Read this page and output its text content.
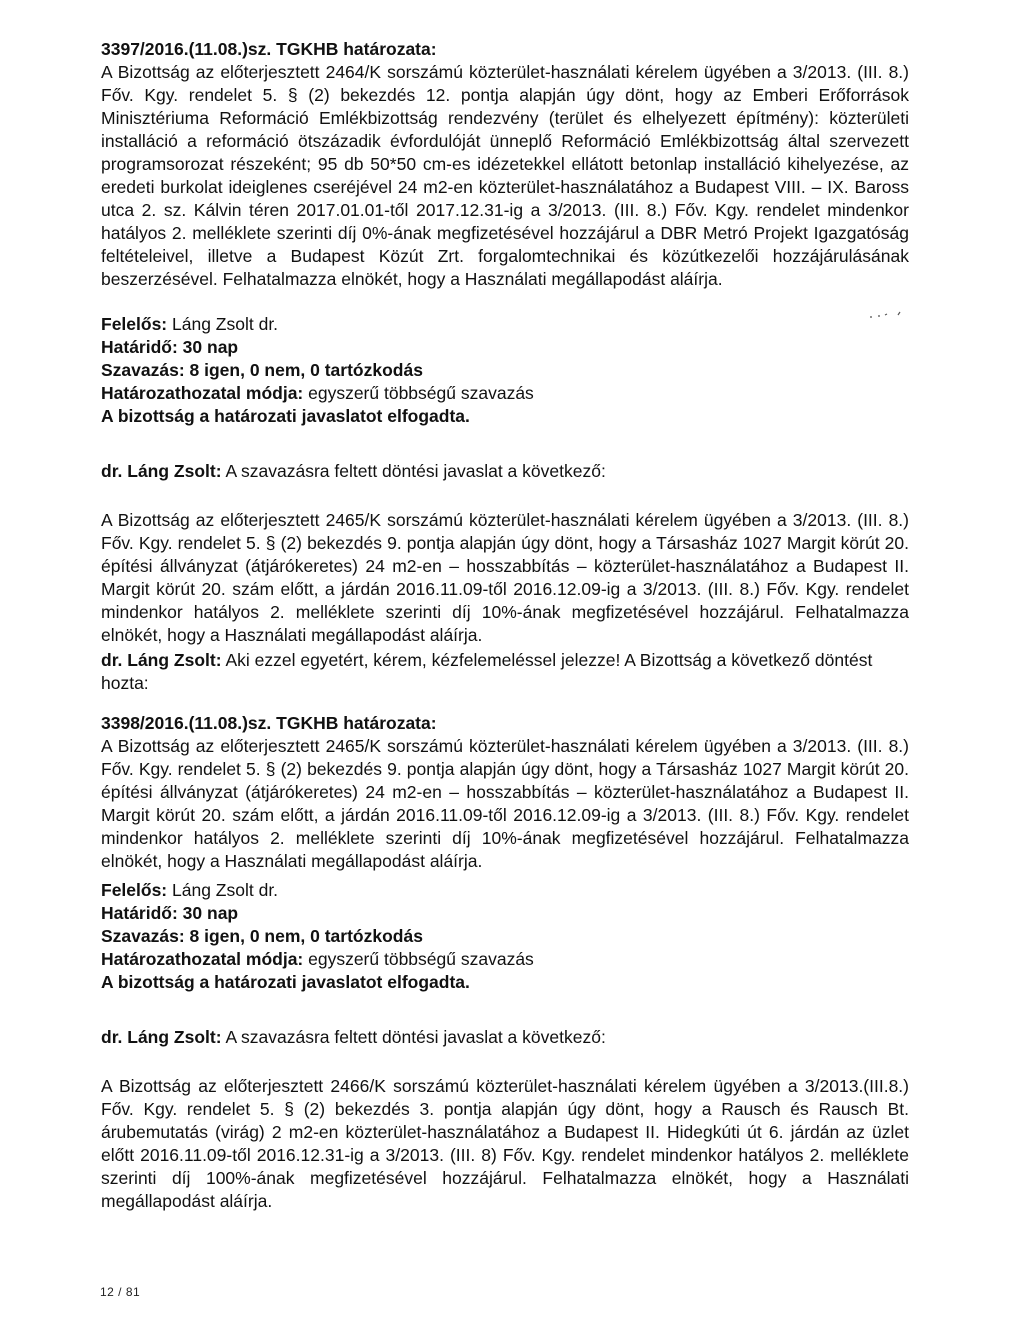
3397/2016.(11.08.)sz. TGKHB határozata:

A Bizottság az előterjesztett 2464/K sorszámú közterület-használati kérelem ügyében a 3/2013. (III. 8.) Főv. Kgy. rendelet 5. § (2) bekezdés 12. pontja alapján úgy dönt, hogy az Emberi Erőforrások Minisztériuma Reformáció Emlékbizottság rendezvény (terület és elhelyezett építmény): közterületi installáció a reformáció ötszázadik évfordulóját ünneplő Reformáció Emlékbizottság által szervezett programsorozat részeként; 95 db 50*50 cm-es idézetekkel ellátott betonlap installáció kihelyezése, az eredeti burkolat ideiglenes cseréjével 24 m2-en közterület-használatához a Budapest VIII. – IX. Baross utca 2. sz. Kálvin téren 2017.01.01-től 2017.12.31-ig a 3/2013. (III. 8.) Főv. Kgy. rendelet mindenkor hatályos 2. melléklete szerinti díj 0%-ának megfizetésével hozzájárul a DBR Metró Projekt Igazgatóság feltételeivel, illetve a Budapest Közút Zrt. forgalomtechnikai és közútkezelői hozzájárulásának beszerzésével. Felhatalmazza elnökét, hogy a Használati megállapodást aláírja.

Felelős: Láng Zsolt dr.

Határidő: 30 nap

Szavazás: 8 igen, 0 nem, 0 tartózkodás

Határozathozatal módja: egyszerű többségű szavazás

A bizottság a határozati javaslatot elfogadta.

dr. Láng Zsolt: A szavazásra feltett döntési javaslat a következő:

A Bizottság az előterjesztett 2465/K sorszámú közterület-használati kérelem ügyében a 3/2013. (III. 8.) Főv. Kgy. rendelet 5. § (2) bekezdés 9. pontja alapján úgy dönt, hogy a Társasház 1027 Margit körút 20. építési állványzat (átjárókeretes) 24 m2-en – hosszabbítás – közterület-használatához a Budapest II. Margit körút 20. szám előtt, a járdán 2016.11.09-től 2016.12.09-ig a 3/2013. (III. 8.) Főv. Kgy. rendelet mindenkor hatályos 2. melléklete szerinti díj 10%-ának megfizetésével hozzájárul. Felhatalmazza elnökét, hogy a Használati megállapodást aláírja.

dr. Láng Zsolt: Aki ezzel egyetért, kérem, kézfelemeléssel jelezze! A Bizottság a következő döntést hozta:

3398/2016.(11.08.)sz. TGKHB határozata:

A Bizottság az előterjesztett 2465/K sorszámú közterület-használati kérelem ügyében a 3/2013. (III. 8.) Főv. Kgy. rendelet 5. § (2) bekezdés 9. pontja alapján úgy dönt, hogy a Társasház 1027 Margit körút 20. építési állványzat (átjárókeretes) 24 m2-en – hosszabbítás – közterület-használatához a Budapest II. Margit körút 20. szám előtt, a járdán 2016.11.09-től 2016.12.09-ig a 3/2013. (III. 8.) Főv. Kgy. rendelet mindenkor hatályos 2. melléklete szerinti díj 10%-ának megfizetésével hozzájárul. Felhatalmazza elnökét, hogy a Használati megállapodást aláírja.

Felelős: Láng Zsolt dr.

Határidő: 30 nap

Szavazás: 8 igen, 0 nem, 0 tartózkodás

Határozathozatal módja: egyszerű többségű szavazás

A bizottság a határozati javaslatot elfogadta.

dr. Láng Zsolt: A szavazásra feltett döntési javaslat a következő:

A Bizottság az előterjesztett 2466/K sorszámú közterület-használati kérelem ügyében a 3/2013.(III.8.) Főv. Kgy. rendelet 5. § (2) bekezdés 3. pontja alapján úgy dönt, hogy a Rausch és Rausch Bt. árubemutatás (virág) 2 m2-en közterület-használatához a Budapest II. Hidegkúti út 6. járdán az üzlet előtt 2016.11.09-től 2016.12.31-ig a 3/2013. (III. 8) Főv. Kgy. rendelet mindenkor hatályos 2. melléklete szerinti díj 100%-ának megfizetésével hozzájárul. Felhatalmazza elnökét, hogy a Használati megállapodást aláírja.

12 / 81
